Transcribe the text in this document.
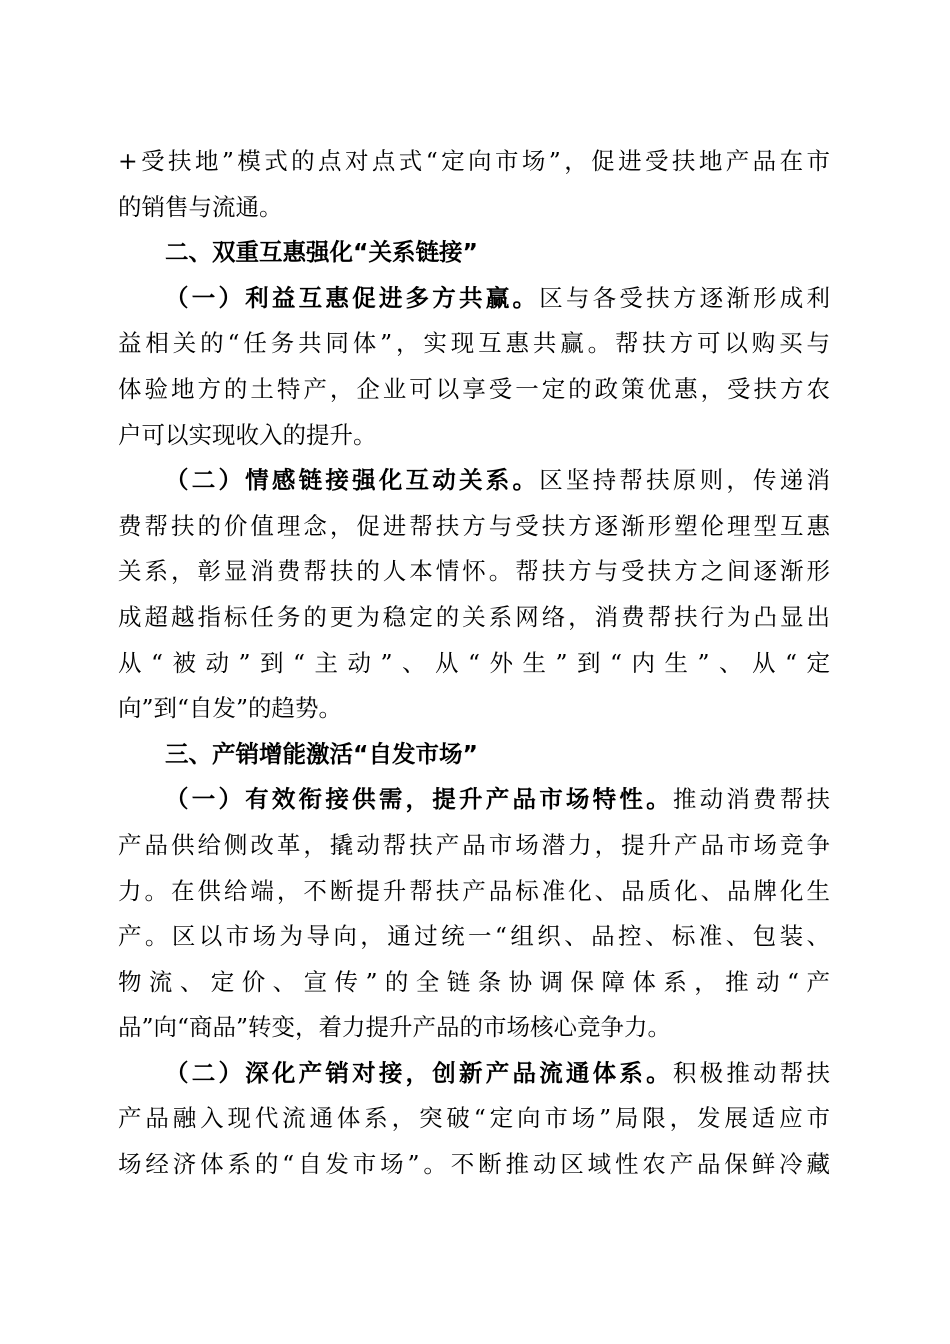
+受扶地”模式的点对点式“定向市场”，促进受扶地产品在市
的销售与流通。
二、双重互惠强化“关系链接”
（一）利益互惠促进多方共赢。区与各受扶方逐渐形成利
益相关的“任务共同体”，实现互惠共赢。帮扶方可以购买与
体验地方的土特产，企业可以享受一定的政策优惠，受扶方农
户可以实现收入的提升。
（二）情感链接强化互动关系。区坚持帮扶原则，传递消
费帮扶的价值理念，促进帮扶方与受扶方逐渐形塑伦理型互惠
关系，彰显消费帮扶的人本情怀。帮扶方与受扶方之间逐渐形
成超越指标任务的更为稳定的关系网络，消费帮扶行为凸显出
从“被动”到“主动”、从“外生”到“内生”、从“定
向”到“自发”的趋势。
三、产销增能激活“自发市场”
（一）有效衔接供需，提升产品市场特性。推动消费帮扶
产品供给侧改革，撬动帮扶产品市场潜力，提升产品市场竞争
力。在供给端，不断提升帮扶产品标准化、品质化、品牌化生
产。区以市场为导向，通过统一“组织、品控、标准、包装、
物流、定价、宣传”的全链条协调保障体系，推动“产
品”向“商品”转变，着力提升产品的市场核心竞争力。
（二）深化产销对接，创新产品流通体系。积极推动帮扶
产品融入现代流通体系，突破“定向市场”局限，发展适应市
场经济体系的“自发市场”。不断推动区域性农产品保鲜冷藏
